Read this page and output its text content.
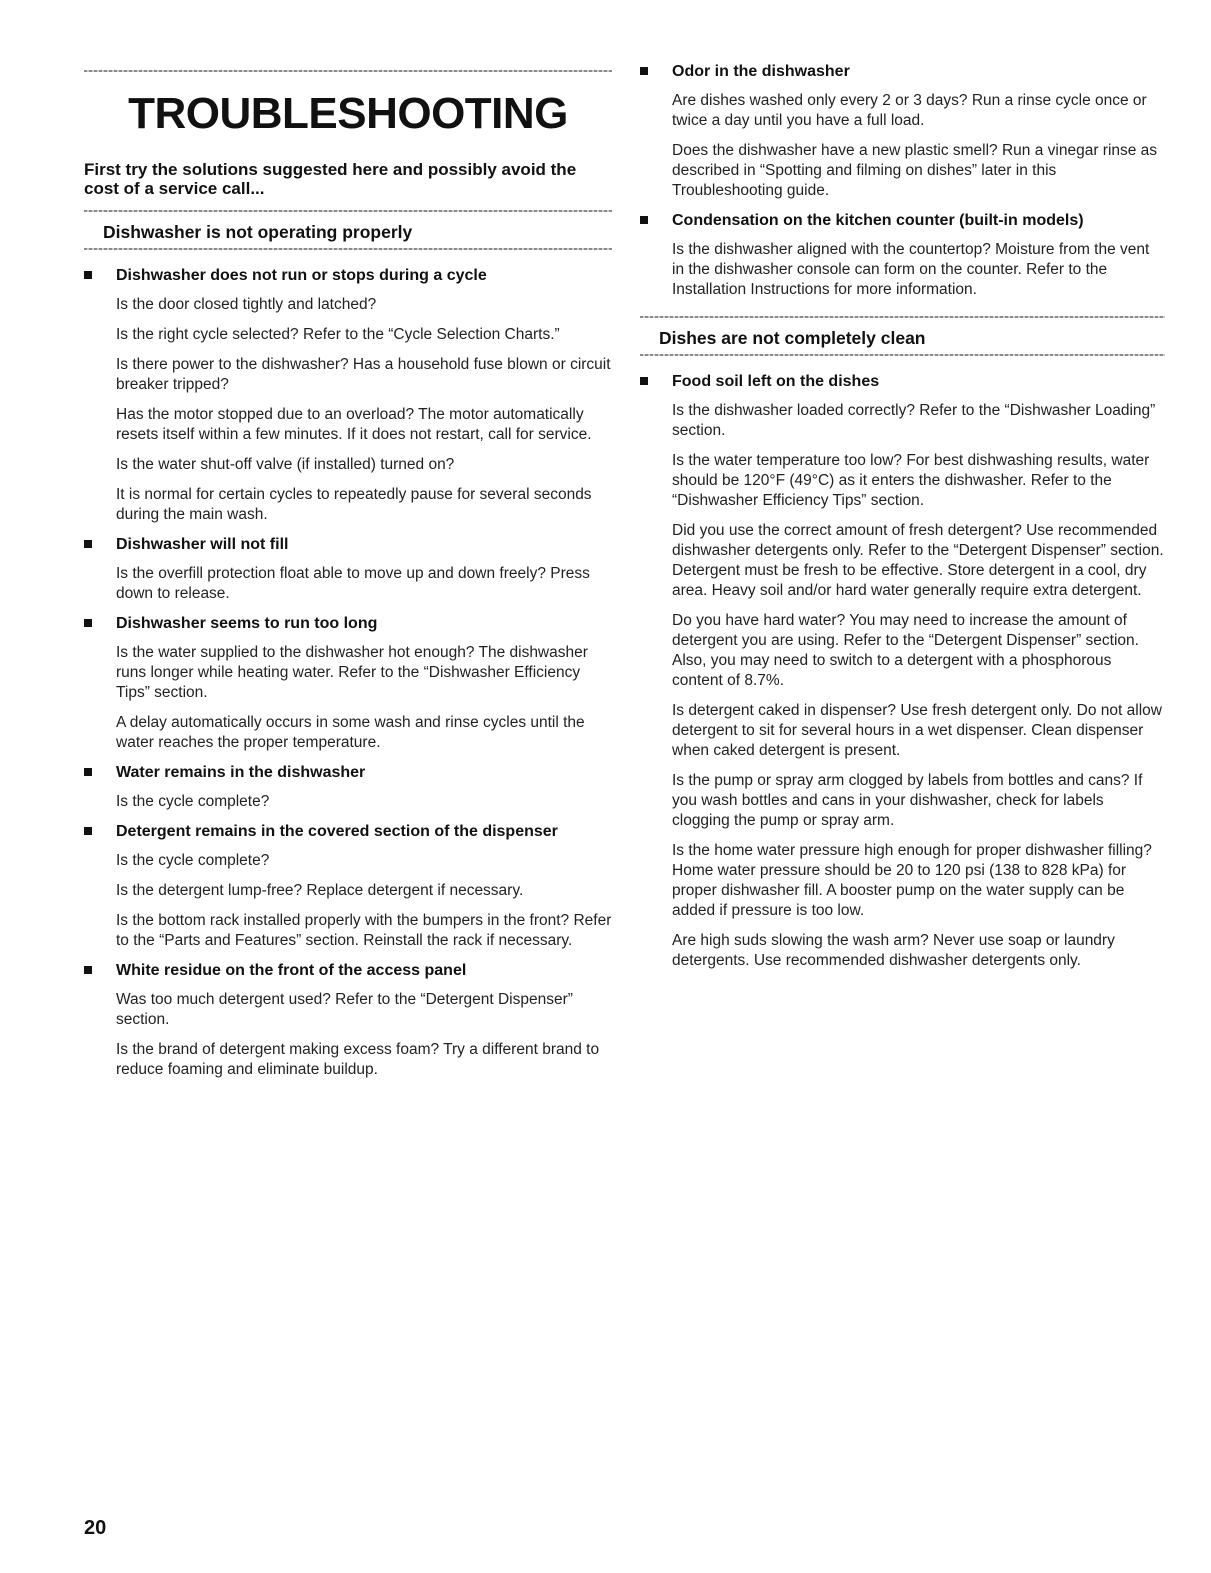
TROUBLESHOOTING
First try the solutions suggested here and possibly avoid the cost of a service call...
Dishwasher is not operating properly
Dishwasher does not run or stops during a cycle
Is the door closed tightly and latched?
Is the right cycle selected? Refer to the “Cycle Selection Charts.”
Is there power to the dishwasher? Has a household fuse blown or circuit breaker tripped?
Has the motor stopped due to an overload? The motor automatically resets itself within a few minutes. If it does not restart, call for service.
Is the water shut-off valve (if installed) turned on?
It is normal for certain cycles to repeatedly pause for several seconds during the main wash.
Dishwasher will not fill
Is the overfill protection float able to move up and down freely? Press down to release.
Dishwasher seems to run too long
Is the water supplied to the dishwasher hot enough? The dishwasher runs longer while heating water. Refer to the “Dishwasher Efficiency Tips” section.
A delay automatically occurs in some wash and rinse cycles until the water reaches the proper temperature.
Water remains in the dishwasher
Is the cycle complete?
Detergent remains in the covered section of the dispenser
Is the cycle complete?
Is the detergent lump-free? Replace detergent if necessary.
Is the bottom rack installed properly with the bumpers in the front? Refer to the “Parts and Features” section. Reinstall the rack if necessary.
White residue on the front of the access panel
Was too much detergent used? Refer to the “Detergent Dispenser” section.
Is the brand of detergent making excess foam? Try a different brand to reduce foaming and eliminate buildup.
Odor in the dishwasher
Are dishes washed only every 2 or 3 days? Run a rinse cycle once or twice a day until you have a full load.
Does the dishwasher have a new plastic smell? Run a vinegar rinse as described in “Spotting and filming on dishes” later in this Troubleshooting guide.
Condensation on the kitchen counter (built-in models)
Is the dishwasher aligned with the countertop? Moisture from the vent in the dishwasher console can form on the counter. Refer to the Installation Instructions for more information.
Dishes are not completely clean
Food soil left on the dishes
Is the dishwasher loaded correctly? Refer to the “Dishwasher Loading” section.
Is the water temperature too low? For best dishwashing results, water should be 120°F (49°C) as it enters the dishwasher. Refer to the “Dishwasher Efficiency Tips” section.
Did you use the correct amount of fresh detergent? Use recommended dishwasher detergents only. Refer to the “Detergent Dispenser” section. Detergent must be fresh to be effective. Store detergent in a cool, dry area. Heavy soil and/or hard water generally require extra detergent.
Do you have hard water? You may need to increase the amount of detergent you are using. Refer to the “Detergent Dispenser” section. Also, you may need to switch to a detergent with a phosphorous content of 8.7%.
Is detergent caked in dispenser? Use fresh detergent only. Do not allow detergent to sit for several hours in a wet dispenser. Clean dispenser when caked detergent is present.
Is the pump or spray arm clogged by labels from bottles and cans? If you wash bottles and cans in your dishwasher, check for labels clogging the pump or spray arm.
Is the home water pressure high enough for proper dishwasher filling? Home water pressure should be 20 to 120 psi (138 to 828 kPa) for proper dishwasher fill. A booster pump on the water supply can be added if pressure is too low.
Are high suds slowing the wash arm? Never use soap or laundry detergents. Use recommended dishwasher detergents only.
20
